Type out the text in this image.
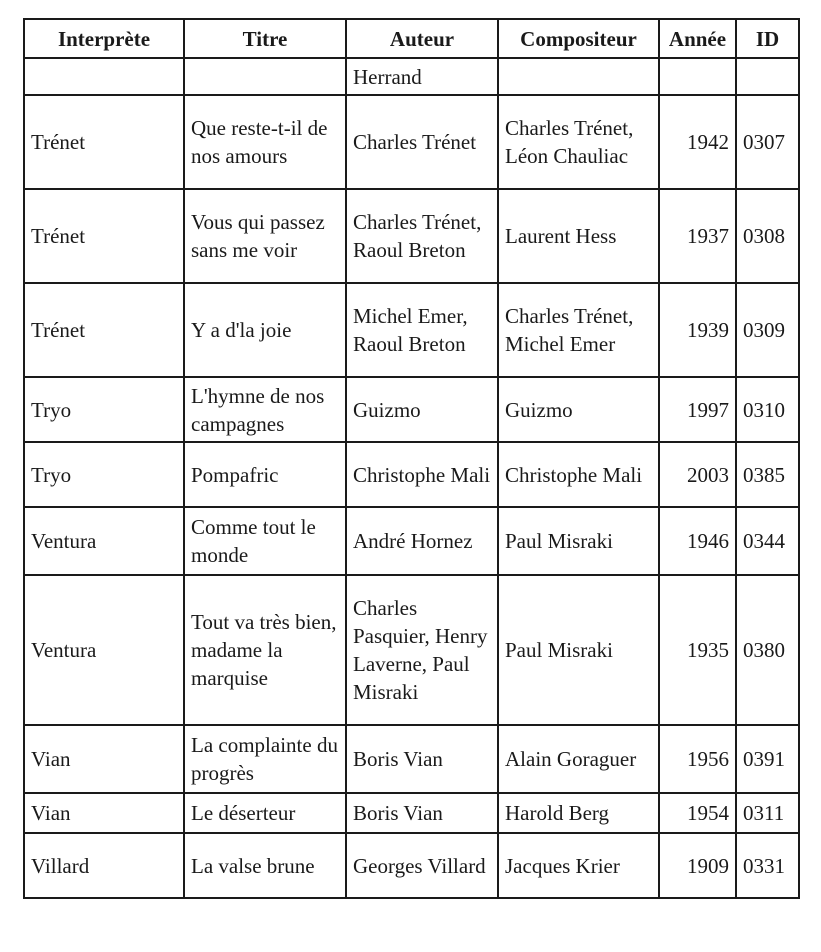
Interprète	Titre	Auteur	Compositeur	Année	ID
		Herrand			
Trénet	Que reste-t-il de nos amours	Charles Trénet	Charles Trénet, Léon Chauliac	1942	0307
Trénet	Vous qui passez sans me voir	Charles Trénet, Raoul Breton	Laurent Hess	1937	0308
Trénet	Y a d'la joie	Michel Emer, Raoul Breton	Charles Trénet, Michel Emer	1939	0309
Tryo	L'hymne de nos campagnes	Guizmo	Guizmo	1997	0310
Tryo	Pompafric	Christophe Mali	Christophe Mali	2003	0385
Ventura	Comme tout le monde	André Hornez	Paul Misraki	1946	0344
Ventura	Tout va très bien, madame la marquise	Charles Pasquier, Henry Laverne, Paul Misraki	Paul Misraki	1935	0380
Vian	La complainte du progrès	Boris Vian	Alain Goraguer	1956	0391
Vian	Le déserteur	Boris Vian	Harold Berg	1954	0311
Villard	La valse brune	Georges Villard	Jacques Krier	1909	0331
